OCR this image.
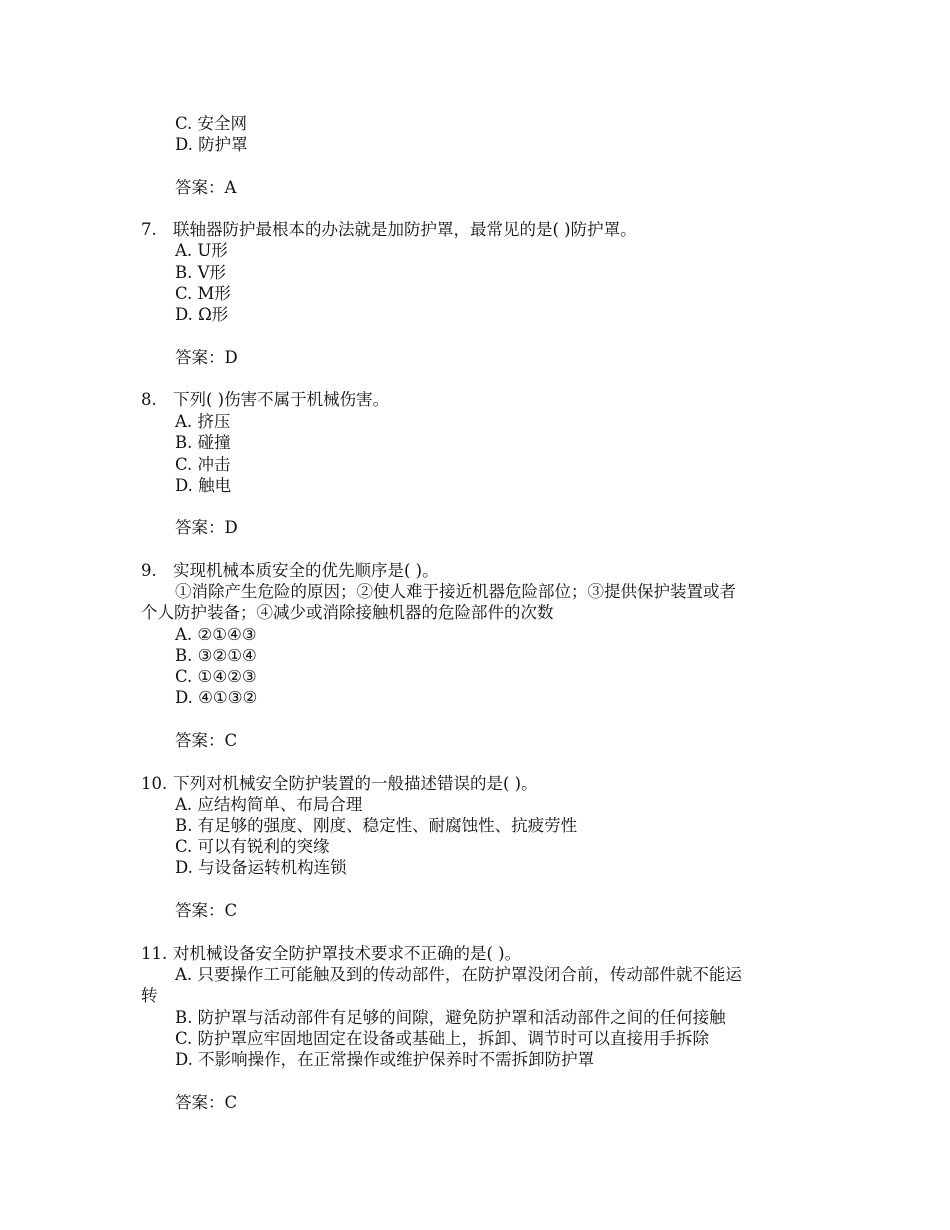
C. 安全网
D. 防护罩
答案：A
7. 联轴器防护最根本的办法就是加防护罩，最常见的是( )防护罩。
A. U形
B. V形
C. M形
D. Ω形
答案：D
8. 下列( )伤害不属于机械伤害。
A. 挤压
B. 碰撞
C. 冲击
D. 触电
答案：D
9. 实现机械本质安全的优先顺序是( )。
①消除产生危险的原因；②使人难于接近机器危险部位；③提供保护装置或者
个人防护装备；④减少或消除接触机器的危险部件的次数
A. ②①④③
B. ③②①④
C. ①④②③
D. ④①③②
答案：C
10. 下列对机械安全防护装置的一般描述错误的是( )。
A. 应结构简单、布局合理
B. 有足够的强度、刚度、稳定性、耐腐蚀性、抗疲劳性
C. 可以有锐利的突缘
D. 与设备运转机构连锁
答案：C
11. 对机械设备安全防护罩技术要求不正确的是( )。
A. 只要操作工可能触及到的传动部件，在防护罩没闭合前，传动部件就不能运
转
B. 防护罩与活动部件有足够的间隙，避免防护罩和活动部件之间的任何接触
C. 防护罩应牢固地固定在设备或基础上，拆卸、调节时可以直接用手拆除
D. 不影响操作，在正常操作或维护保养时不需拆卸防护罩
答案：C
